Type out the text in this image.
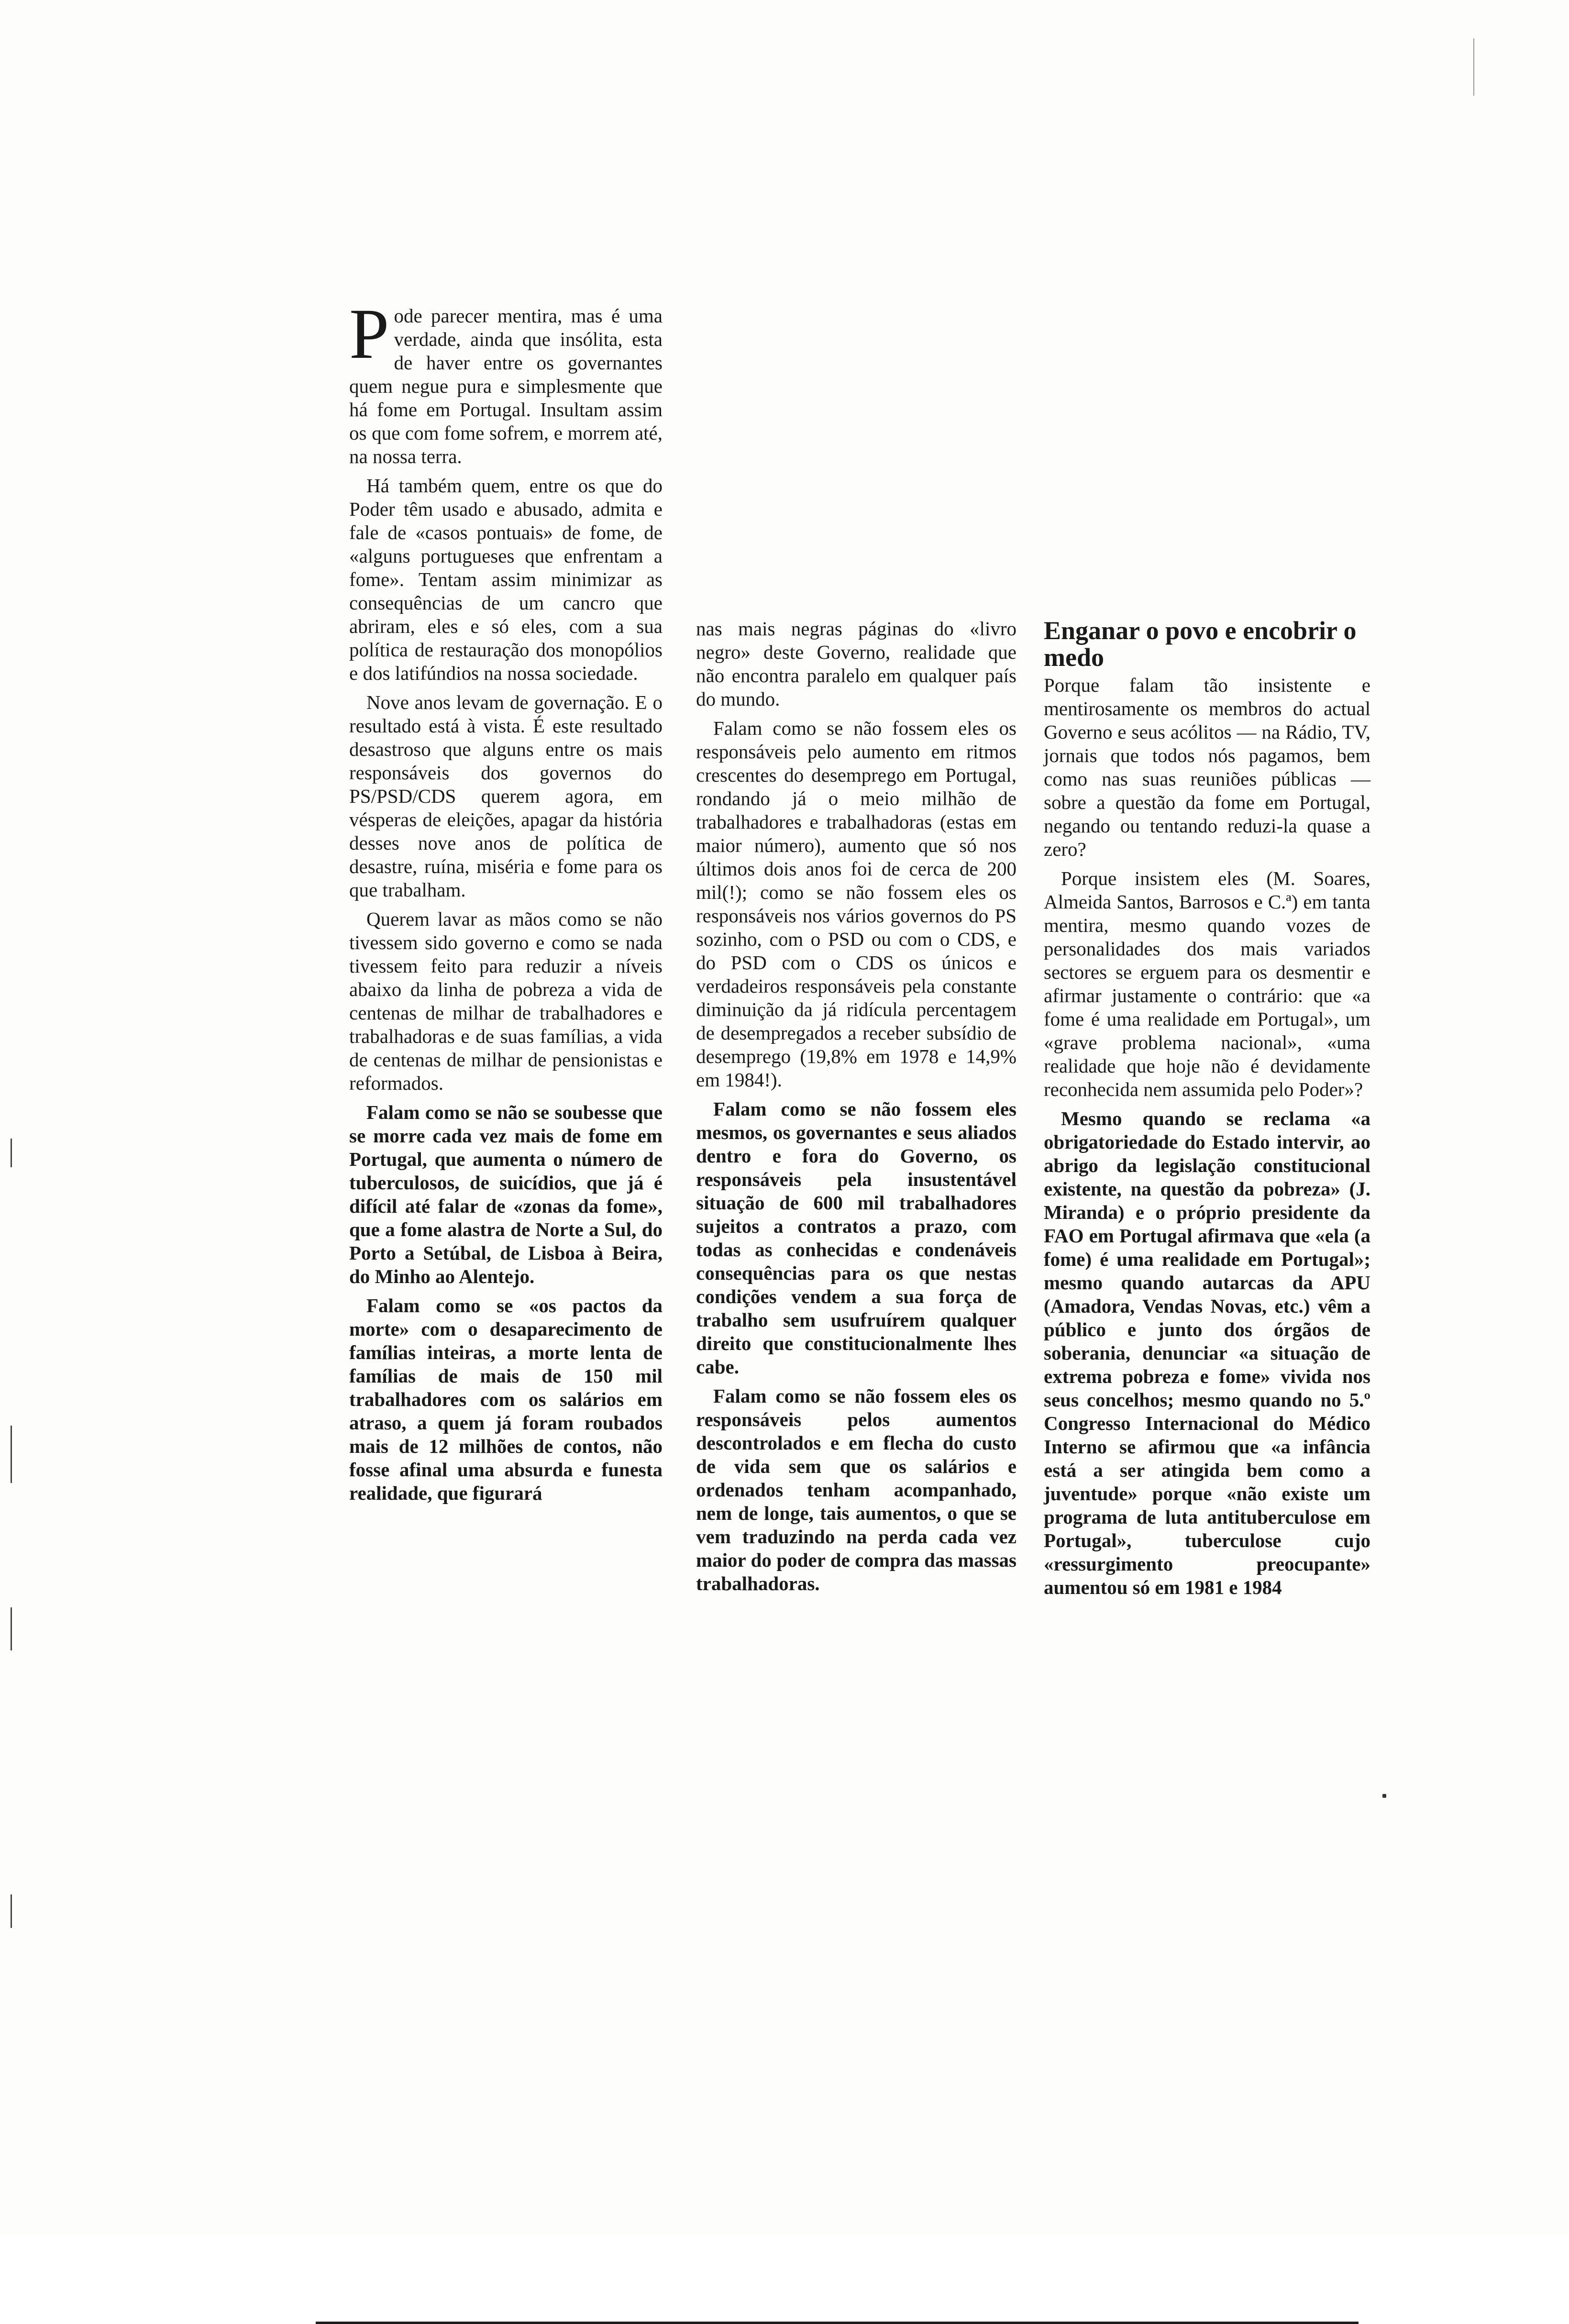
Pode parecer mentira, mas é uma verdade, ainda que insólita, esta de haver entre os governantes quem negue pura e simplesmente que há fome em Portugal. Insultam assim os que com fome sofrem, e morrem até, na nossa terra.

Há também quem, entre os que do Poder têm usado e abusado, admita e fale de «casos pontuais» de fome, de «alguns portugueses que enfrentam a fome». Tentam assim minimizar as consequências de um cancro que abriram, eles e só eles, com a sua política de restauração dos monopólios e dos latifúndios na nossa sociedade.

Nove anos levam de governação. E o resultado está à vista. É este resultado desastroso que alguns entre os mais responsáveis dos governos do PS/PSD/CDS querem agora, em vésperas de eleições, apagar da história desses nove anos de política de desastre, ruína, miséria e fome para os que trabalham.

Querem lavar as mãos como se não tivessem sido governo e como se nada tivessem feito para reduzir a níveis abaixo da linha de pobreza a vida de centenas de milhar de trabalhadores e trabalhadoras e de suas famílias, a vida de centenas de milhar de pensionistas e reformados.

Falam como se não se soubesse que se morre cada vez mais de fome em Portugal, que aumenta o número de tuberculosos, de suicídios, que já é difícil até falar de «zonas da fome», que a fome alastra de Norte a Sul, do Porto a Setúbal, de Lisboa à Beira, do Minho ao Alentejo.

Falam como se «os pactos da morte» com o desaparecimento de famílias inteiras, a morte lenta de famílias de mais de 150 mil trabalhadores com os salários em atraso, a quem já foram roubados mais de 12 milhões de contos, não fosse afinal uma absurda e funesta realidade, que figurará

nas mais negras páginas do «livro negro» deste Governo, realidade que não encontra paralelo em qualquer país do mundo.

Falam como se não fossem eles os responsáveis pelo aumento em ritmos crescentes do desemprego em Portugal, rondando já o meio milhão de trabalhadores e trabalhadoras (estas em maior número), aumento que só nos últimos dois anos foi de cerca de 200 mil(!); como se não fossem eles os responsáveis nos vários governos do PS sozinho, com o PSD ou com o CDS, e do PSD com o CDS os únicos e verdadeiros responsáveis pela constante diminuição da já ridícula percentagem de desempregados a receber subsídio de desemprego (19,8% em 1978 e 14,9% em 1984!).

Falam como se não fossem eles mesmos, os governantes e seus aliados dentro e fora do Governo, os responsáveis pela insustentável situação de 600 mil trabalhadores sujeitos a contratos a prazo, com todas as conhecidas e condenáveis consequências para os que nestas condições vendem a sua força de trabalho sem usufruírem qualquer direito que constitucionalmente lhes cabe.

Falam como se não fossem eles os responsáveis pelos aumentos descontrolados e em flecha do custo de vida sem que os salários e ordenados tenham acompanhado, nem de longe, tais aumentos, o que se vem traduzindo na perda cada vez maior do poder de compra das massas trabalhadoras.

Enganar o povo e encobrir o medo

Porque falam tão insistente e mentirosamente os membros do actual Governo e seus acólitos — na Rádio, TV, jornais que todos nós pagamos, bem como nas suas reuniões públicas — sobre a questão da fome em Portugal, negando ou tentando reduzi-la quase a zero?

Porque insistem eles (M. Soares, Almeida Santos, Barrosos e C.ª) em tanta mentira, mesmo quando vozes de personalidades dos mais variados sectores se erguem para os desmentir e afirmar justamente o contrário: que «a fome é uma realidade em Portugal», um «grave problema nacional», «uma realidade que hoje não é devidamente reconhecida nem assumida pelo Poder»?

Mesmo quando se reclama «a obrigatoriedade do Estado intervir, ao abrigo da legislação constitucional existente, na questão da pobreza» (J. Miranda) e o próprio presidente da FAO em Portugal afirmava que «ela (a fome) é uma realidade em Portugal»; mesmo quando autarcas da APU (Amadora, Vendas Novas, etc.) vêm a público e junto dos órgãos de soberania, denunciar «a situação de extrema pobreza e fome» vivida nos seus concelhos; mesmo quando no 5.º Congresso Internacional do Médico Interno se afirmou que «a infância está a ser atingida bem como a juventude» porque «não existe um programa de luta antituberculose em Portugal», tuberculose cujo «ressurgimento preocupante» aumentou só em 1981 e 1984
